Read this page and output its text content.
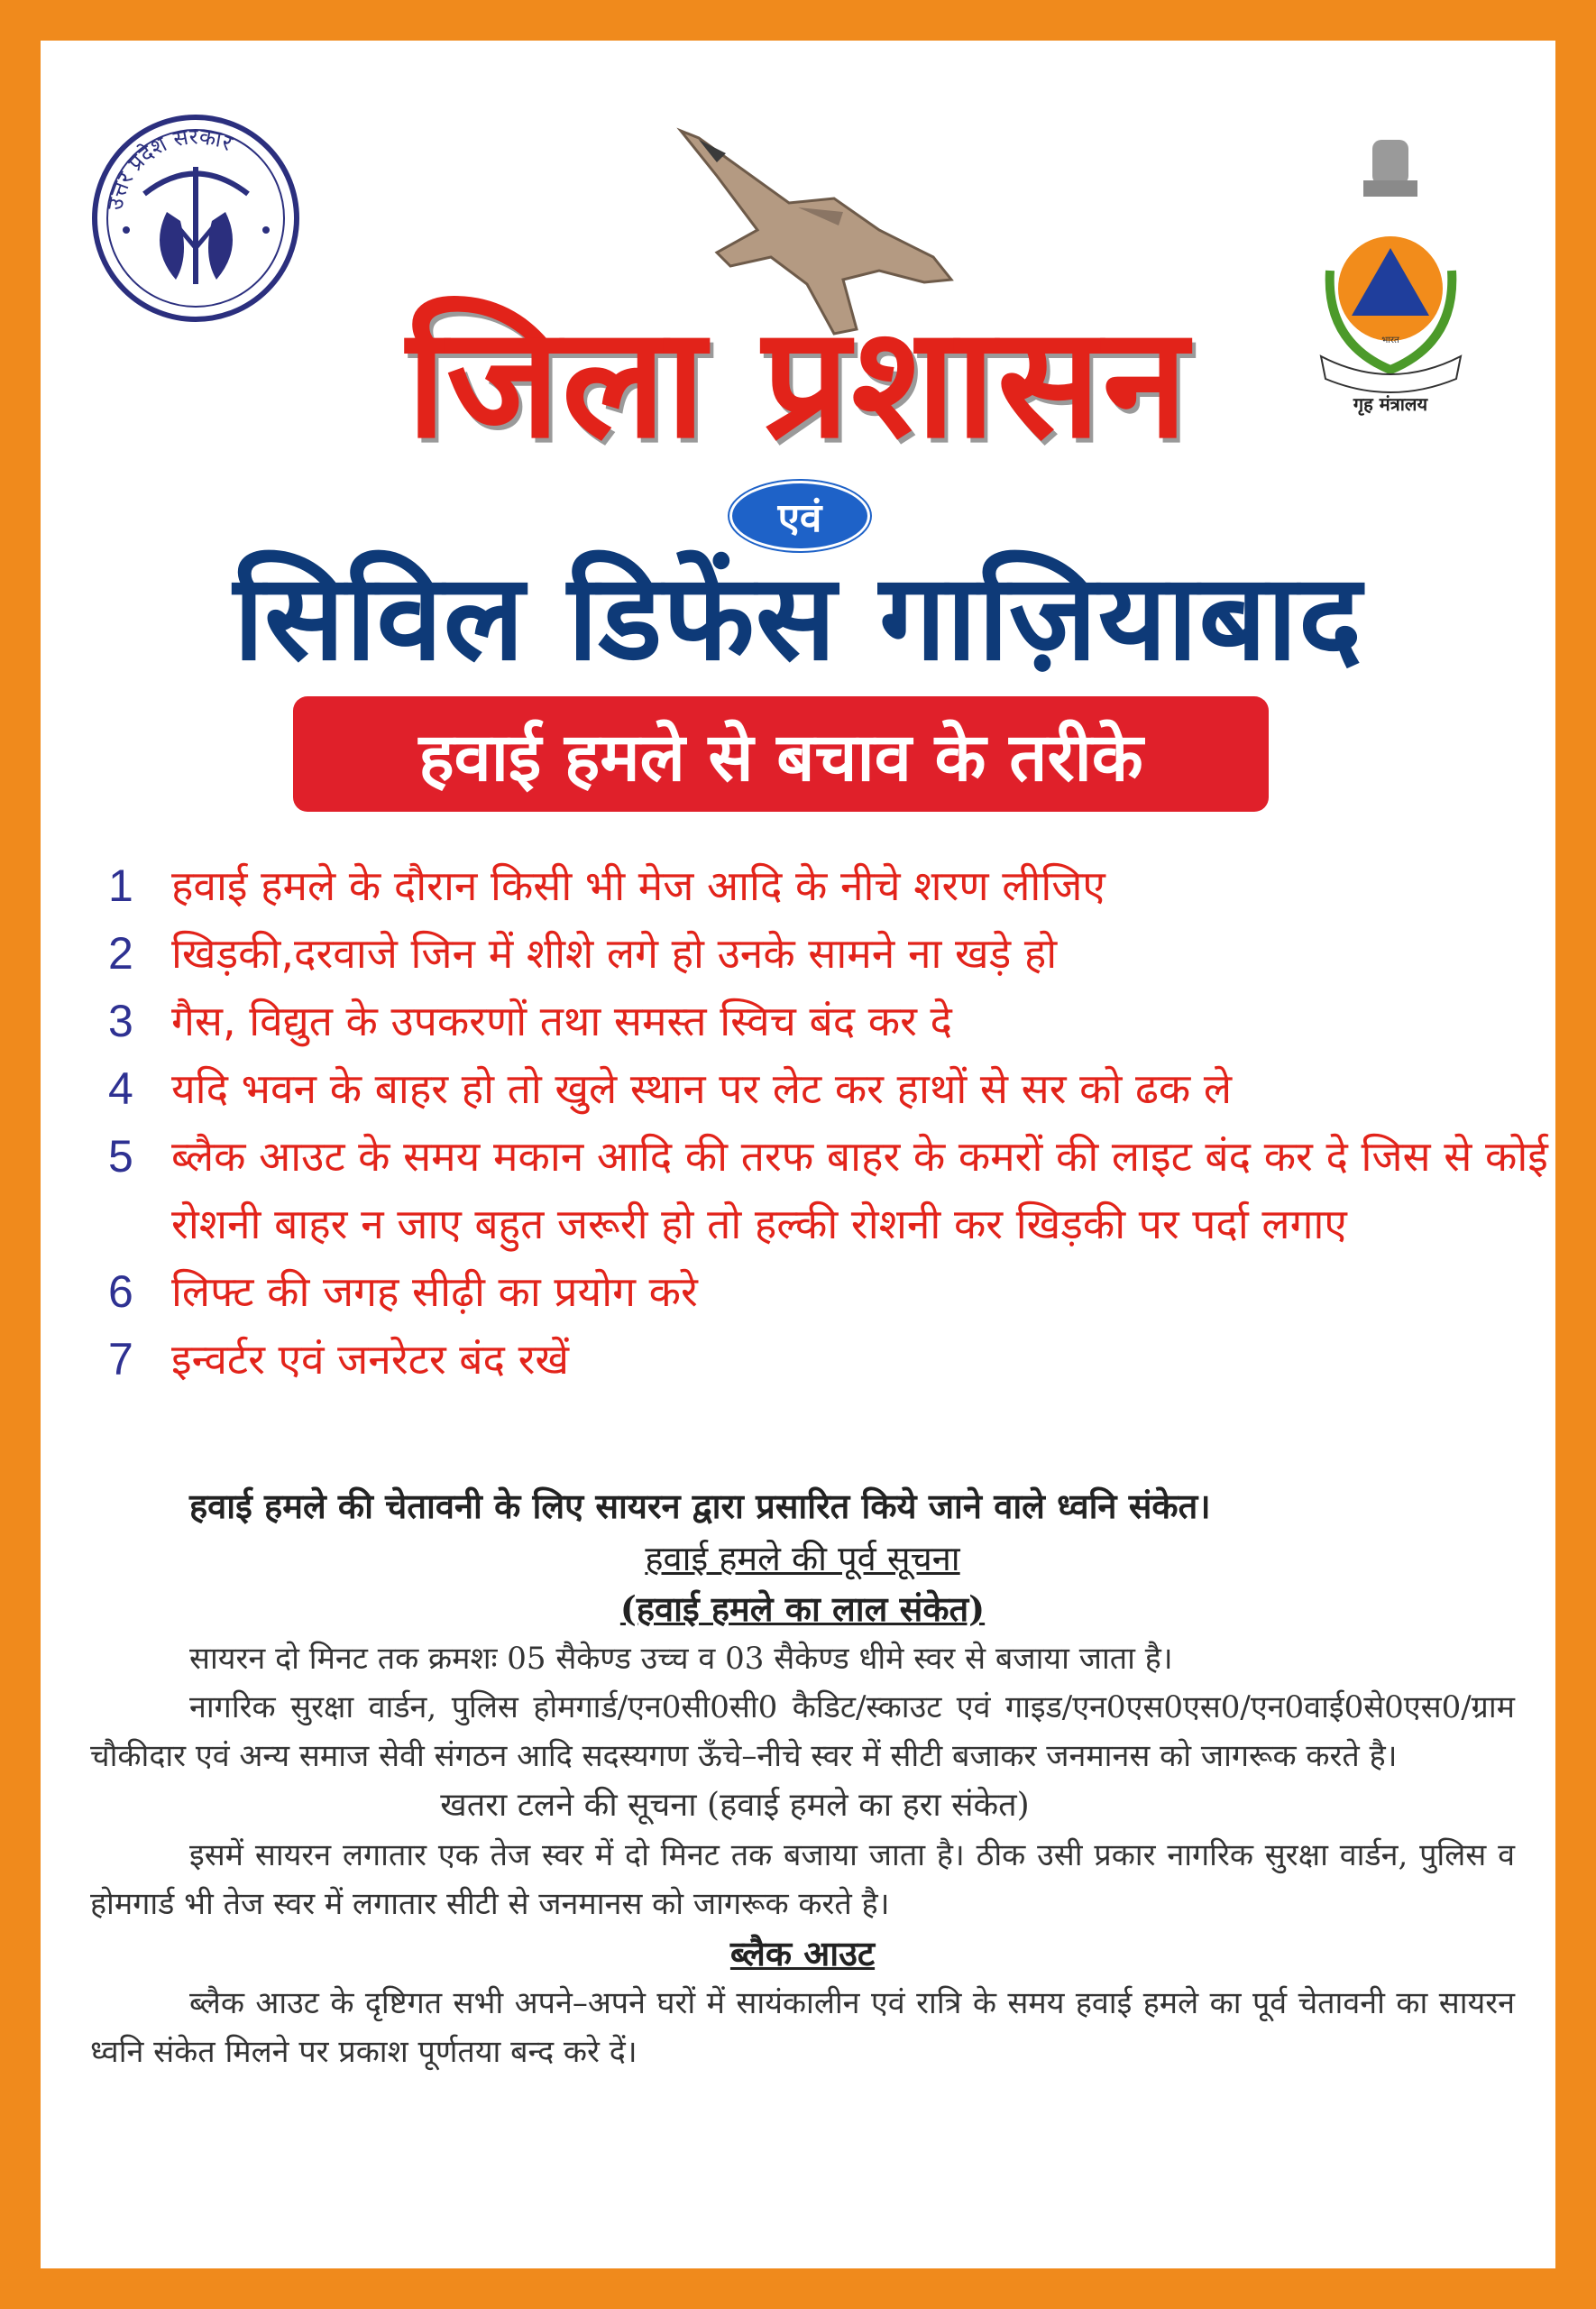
उत्तर प्रदेश सरकार
भारत
गृह मंत्रालय
जिला प्रशासन
एवं
सिविल डिफेंस गाज़ियाबाद
हवाई हमले से बचाव के तरीके
1 हवाई हमले के दौरान किसी भी मेज आदि के नीचे शरण लीजिए
2 खिड़की,दरवाजे जिन में शीशे लगे हो उनके सामने ना खड़े हो
3 गैस, विद्युत के उपकरणों तथा समस्त स्विच बंद कर दे
4 यदि भवन के बाहर हो तो खुले स्थान पर लेट कर हाथों से सर को ढक ले
5 ब्लैक आउट के समय मकान आदि की तरफ बाहर के कमरों की लाइट बंद कर दे जिस से कोई रोशनी बाहर न जाए बहुत जरूरी हो तो हल्की रोशनी कर खिड़की पर पर्दा लगाए
6 लिफ्ट की जगह सीढ़ी का प्रयोग करे
7 इन्वर्टर एवं जनरेटर बंद रखें

हवाई हमले की चेतावनी के लिए सायरन द्वारा प्रसारित किये जाने वाले ध्वनि संकेत।

हवाई हमले की पूर्व सूचना

(हवाई हमले का लाल संकेत)

सायरन दो मिनट तक क्रमशः 05 सैकेण्ड उच्च व 03 सैकेण्ड धीमे स्वर से बजाया जाता है।

नागरिक सुरक्षा वार्डन, पुलिस होमगार्ड/एन0सी0सी0 कैडिट/स्काउट एवं गाइड/एन0एस0एस0/एन0वाई0से0एस0/ग्राम चौकीदार एवं अन्य समाज सेवी संगठन आदि सदस्यगण ऊँचे–नीचे स्वर में सीटी बजाकर जनमानस को जागरूक करते है।

खतरा टलने की सूचना (हवाई हमले का हरा संकेत)

इसमें सायरन लगातार एक तेज स्वर में दो मिनट तक बजाया जाता है। ठीक उसी प्रकार नागरिक सुरक्षा वार्डन, पुलिस व होमगार्ड भी तेज स्वर में लगातार सीटी से जनमानस को जागरूक करते है।

ब्लैक आउट

ब्लैक आउट के दृष्टिगत सभी अपने–अपने घरों में सायंकालीन एवं रात्रि के समय हवाई हमले का पूर्व चेतावनी का सायरन ध्वनि संकेत मिलने पर प्रकाश पूर्णतया बन्द करे दें।
